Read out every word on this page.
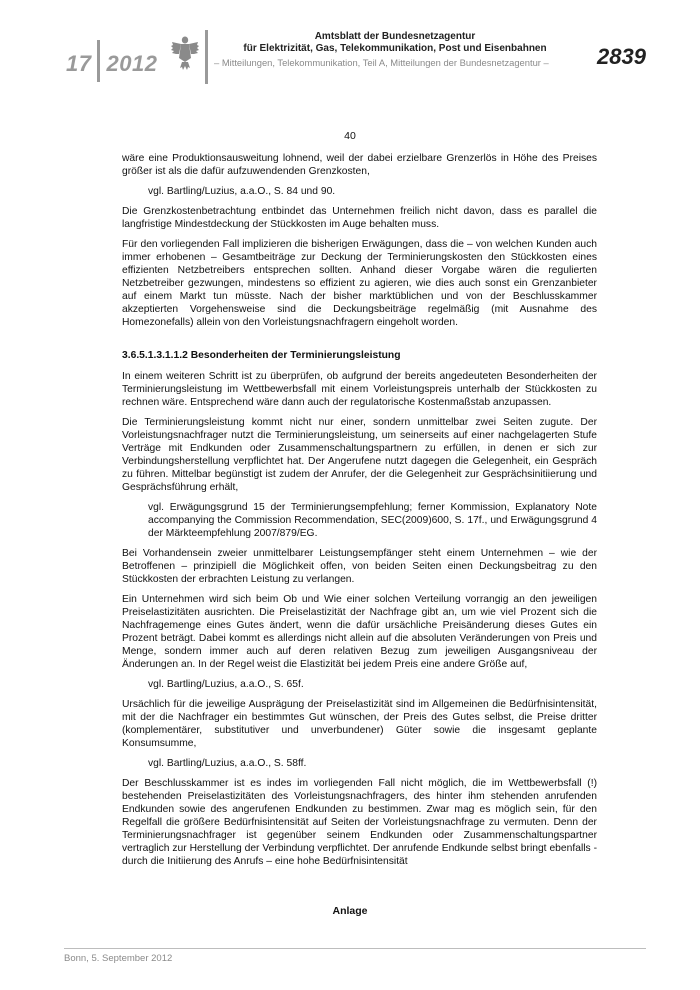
17 2012
Amtsblatt der Bundesnetzagentur
für Elektrizität, Gas, Telekommunikation, Post und Eisenbahnen
– Mitteilungen, Telekommunikation, Teil A, Mitteilungen der Bundesnetzagentur – 2839
40

wäre eine Produktionsausweitung lohnend, weil der dabei erzielbare Grenzerlös in Höhe des Preises größer ist als die dafür aufzuwendenden Grenzkosten,

vgl. Bartling/Luzius, a.a.O., S. 84 und 90.

Die Grenzkostenbetrachtung entbindet das Unternehmen freilich nicht davon, dass es parallel die langfristige Mindestdeckung der Stückkosten im Auge behalten muss.

Für den vorliegenden Fall implizieren die bisherigen Erwägungen, dass die – von welchen Kunden auch immer erhobenen – Gesamtbeiträge zur Deckung der Terminierungskosten den Stückkosten eines effizienten Netzbetreibers entsprechen sollten. Anhand dieser Vorgabe wären die regulierten Netzbetreiber gezwungen, mindestens so effizient zu agieren, wie dies auch sonst ein Grenzanbieter auf einem Markt tun müsste. Nach der bisher marktüblichen und von der Beschlusskammer akzeptierten Vorgehensweise sind die Deckungsbeiträge regelmäßig (mit Ausnahme des Homezonefalls) allein von den Vorleistungsnachfragern eingeholt worden.

3.6.5.1.3.1.1.2 Besonderheiten der Terminierungsleistung

In einem weiteren Schritt ist zu überprüfen, ob aufgrund der bereits angedeuteten Besonderheiten der Terminierungsleistung im Wettbewerbsfall mit einem Vorleistungspreis unterhalb der Stückkosten zu rechnen wäre. Entsprechend wäre dann auch der regulatorische Kostenmaßstab anzupassen.

Die Terminierungsleistung kommt nicht nur einer, sondern unmittelbar zwei Seiten zugute. Der Vorleistungsnachfrager nutzt die Terminierungsleistung, um seinerseits auf einer nachgelagerten Stufe Verträge mit Endkunden oder Zusammenschaltungspartnern zu erfüllen, in denen er sich zur Verbindungsherstellung verpflichtet hat. Der Angerufene nutzt dagegen die Gelegenheit, ein Gespräch zu führen. Mittelbar begünstigt ist zudem der Anrufer, der die Gelegenheit zur Gesprächsinitiierung und Gesprächsführung erhält,

vgl. Erwägungsgrund 15 der Terminierungsempfehlung; ferner Kommission, Explanatory Note accompanying the Commission Recommendation, SEC(2009)600, S. 17f., und Erwägungsgrund 4 der Märkteempfehlung 2007/879/EG.

Bei Vorhandensein zweier unmittelbarer Leistungsempfänger steht einem Unternehmen – wie der Betroffenen – prinzipiell die Möglichkeit offen, von beiden Seiten einen Deckungsbeitrag zu den Stückkosten der erbrachten Leistung zu verlangen.

Ein Unternehmen wird sich beim Ob und Wie einer solchen Verteilung vorrangig an den jeweiligen Preiselastizitäten ausrichten. Die Preiselastizität der Nachfrage gibt an, um wie viel Prozent sich die Nachfragemenge eines Gutes ändert, wenn die dafür ursächliche Preisänderung dieses Gutes ein Prozent beträgt. Dabei kommt es allerdings nicht allein auf die absoluten Veränderungen von Preis und Menge, sondern immer auch auf deren relativen Bezug zum jeweiligen Ausgangsniveau der Änderungen an. In der Regel weist die Elastizität bei jedem Preis eine andere Größe auf,

vgl. Bartling/Luzius, a.a.O., S. 65f.

Ursächlich für die jeweilige Ausprägung der Preiselastizität sind im Allgemeinen die Bedürfnisintensität, mit der die Nachfrager ein bestimmtes Gut wünschen, der Preis des Gutes selbst, die Preise dritter (komplementärer, substitutiver und unverbundener) Güter sowie die insgesamt geplante Konsumsumme,

vgl. Bartling/Luzius, a.a.O., S. 58ff.

Der Beschlusskammer ist es indes im vorliegenden Fall nicht möglich, die im Wettbewerbsfall (!) bestehenden Preiselastizitäten des Vorleistungsnachfragers, des hinter ihm stehenden anrufenden Endkunden sowie des angerufenen Endkunden zu bestimmen. Zwar mag es möglich sein, für den Regelfall die größere Bedürfnisintensität auf Seiten der Vorleistungsnachfrage zu vermuten. Denn der Terminierungsnachfrager ist gegenüber seinem Endkunden oder Zusammenschaltungspartner vertraglich zur Herstellung der Verbindung verpflichtet. Der anrufende Endkunde selbst bringt ebenfalls - durch die Initiierung des Anrufs – eine hohe Bedürfnisintensität

Anlage
Bonn, 5. September 2012
